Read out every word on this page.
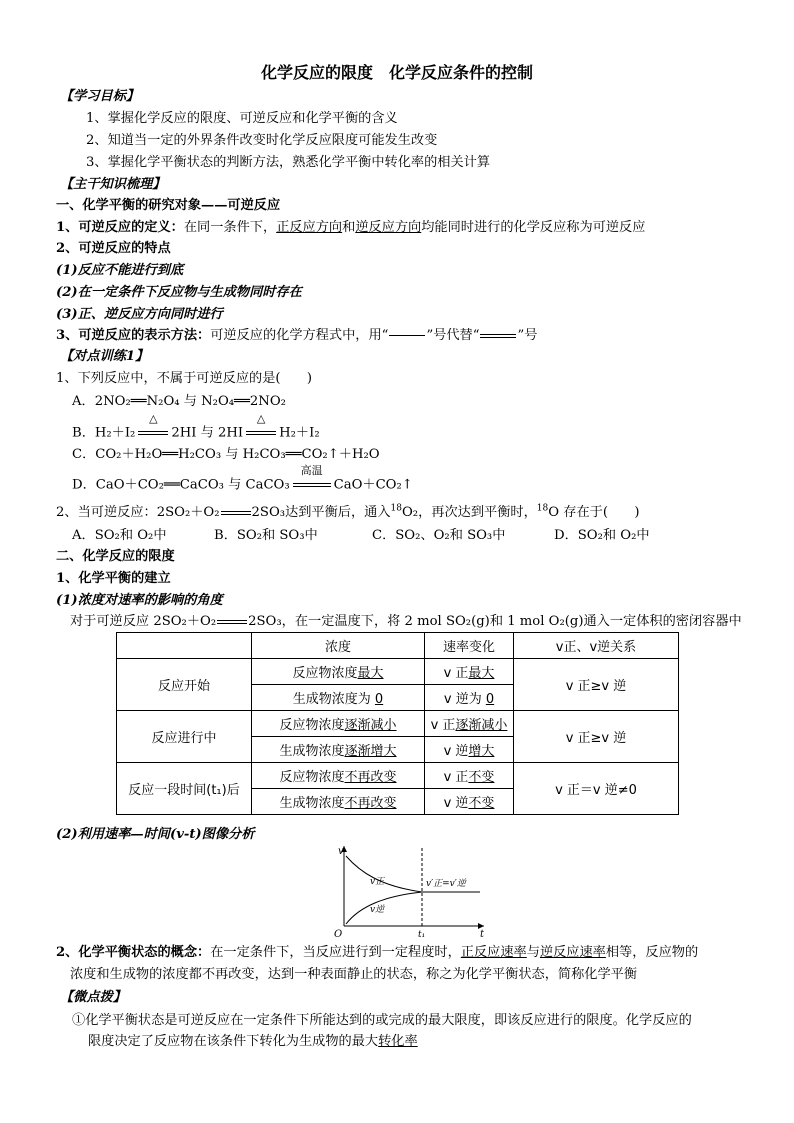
化学反应的限度　化学反应条件的控制
【学习目标】
1、掌握化学反应的限度、可逆反应和化学平衡的含义
2、知道当一定的外界条件改变时化学反应限度可能发生改变
3、掌握化学平衡状态的判断方法，熟悉化学平衡中转化率的相关计算
【主干知识梳理】
一、化学平衡的研究对象——可逆反应
1、可逆反应的定义：在同一条件下，正反应方向和逆反应方向均能同时进行的化学反应称为可逆反应
2、可逆反应的特点
(1)反应不能进行到底
(2)在一定条件下反应物与生成物同时存在
(3)正、逆反应方向同时进行
3、可逆反应的表示方法：可逆反应的化学方程式中，用“	”号代替“	”号
【对点训练1】
1、下列反应中，不属于可逆反应的是(　　)
A．2NO₂══N₂O₄ 与 N₂O₄══2NO₂
B．H₂＋I₂
△
2HI 与 2HI
△
H₂＋I₂
C．CO₂＋H₂O══H₂CO₃ 与 H₂CO₃══CO₂↑＋H₂O
D．CaO＋CO₂══CaCO₃ 与 CaCO₃
高温
CaO＋CO₂↑
2、当可逆反应：2SO₂＋O₂ 2SO₃达到平衡后，通入$^{18}$O₂，再次达到平衡时，$^{18}$O 存在于(　　)
A．SO₂和 O₂中	B．SO₂和 SO₃中	C．SO₂、O₂和 SO₃中	D．SO₂和 O₂中
二、化学反应的限度
1、化学平衡的建立
(1)浓度对速率的影响的角度
对于可逆反应 2SO₂＋O₂ 2SO₃，在一定温度下，将 2 mol SO₂(g)和 1 mol O₂(g)通入一定体积的密闭容器中
	浓度	速率变化	v正、v逆关系
反应开始	反应物浓度最大	v 正最大	v 正≥v 逆
	生成物浓度为 0	v 逆为 0	
反应进行中	反应物浓度逐渐减小	v 正逐渐减小	v 正≥v 逆
	生成物浓度逐渐增大	v 逆增大	
反应一段时间(t₁)后	反应物浓度不再改变	v 正不变	v 正＝v 逆≠0
	生成物浓度不再改变	v 逆不变	
(2)利用速率—时间(v-t)图像分析
v
t
O	t₁
v正
v逆
v′正=v′逆
2、化学平衡状态的概念：在一定条件下，当反应进行到一定程度时，正反应速率与逆反应速率相等，反应物的
浓度和生成物的浓度都不再改变，达到一种表面静止的状态，称之为化学平衡状态，简称化学平衡
【微点拨】
①化学平衡状态是可逆反应在一定条件下所能达到的或完成的最大限度，即该反应进行的限度。化学反应的
限度决定了反应物在该条件下转化为生成物的最大转化率
